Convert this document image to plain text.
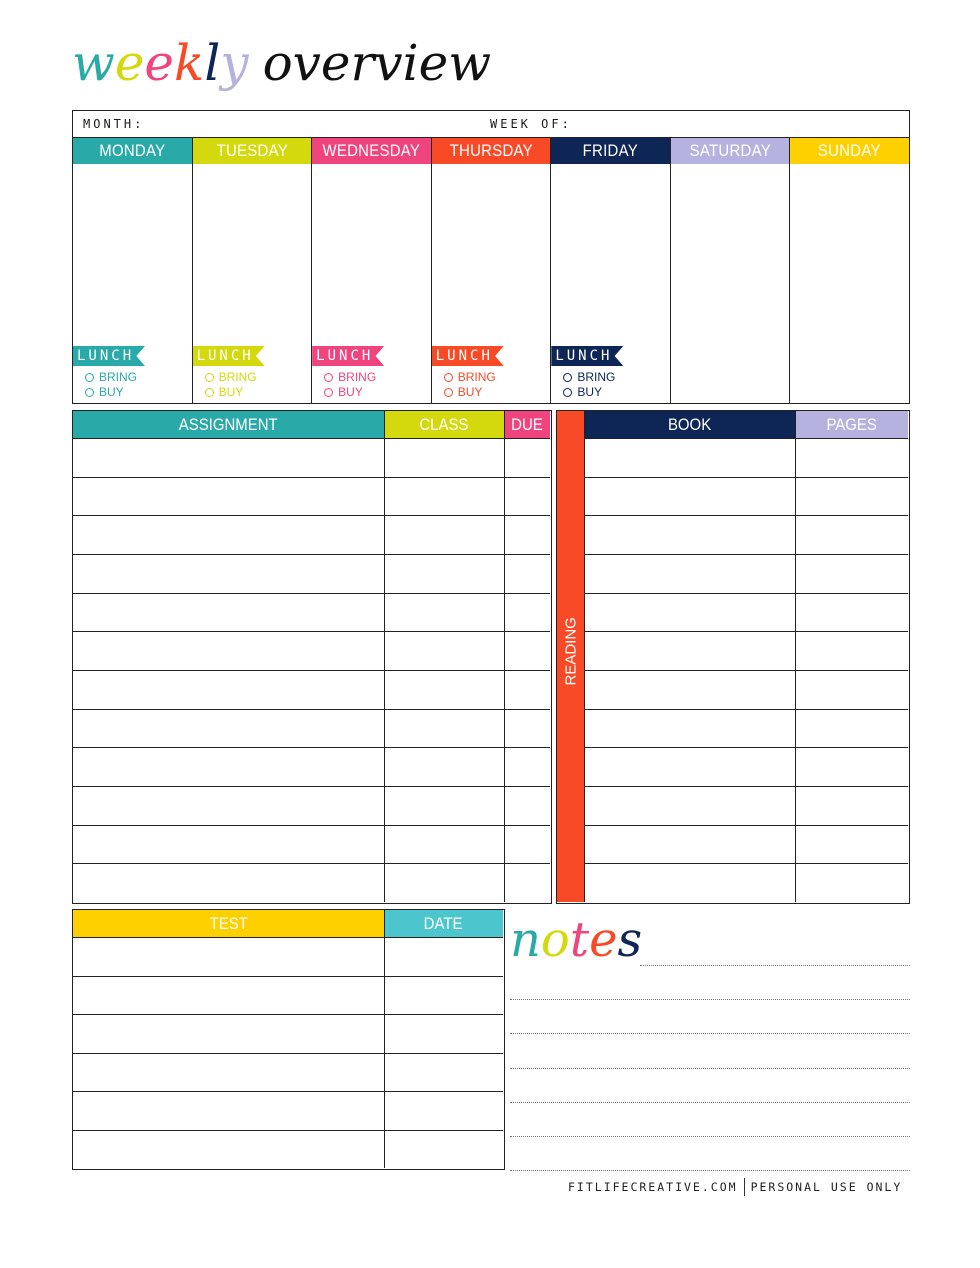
weekly overview
MONTH:	WEEK OF:
MONDAY
LUNCH
BRING
BUY
TUESDAY
LUNCH
BRING
BUY
WEDNESDAY
LUNCH
BRING
BUY
THURSDAY
LUNCH
BRING
BUY
FRIDAY
LUNCH
BRING
BUY
SATURDAY	SUNDAY
ASSIGNMENT	CLASS	DUE
READING
BOOK	PAGES
TEST	DATE notes
FITLIFECREATIVE.COM PERSONAL USE ONLY
